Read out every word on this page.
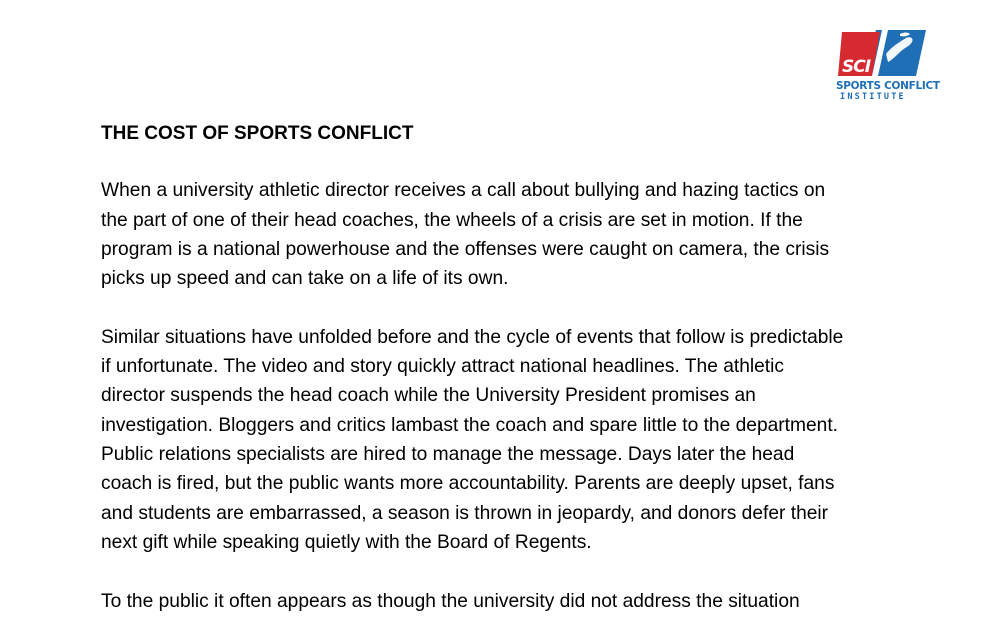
SCI
SPORTS CONFLICT
INSTITUTE
THE COST OF SPORTS CONFLICT

When a university athletic director receives a call about bullying and hazing tactics on

the part of one of their head coaches, the wheels of a crisis are set in motion. If the

program is a national powerhouse and the offenses were caught on camera, the crisis

picks up speed and can take on a life of its own.

Similar situations have unfolded before and the cycle of events that follow is predictable

if unfortunate. The video and story quickly attract national headlines. The athletic

director suspends the head coach while the University President promises an

investigation. Bloggers and critics lambast the coach and spare little to the department.

Public relations specialists are hired to manage the message. Days later the head

coach is fired, but the public wants more accountability. Parents are deeply upset, fans

and students are embarrassed, a season is thrown in jeopardy, and donors defer their

next gift while speaking quietly with the Board of Regents.

To the public it often appears as though the university did not address the situation
